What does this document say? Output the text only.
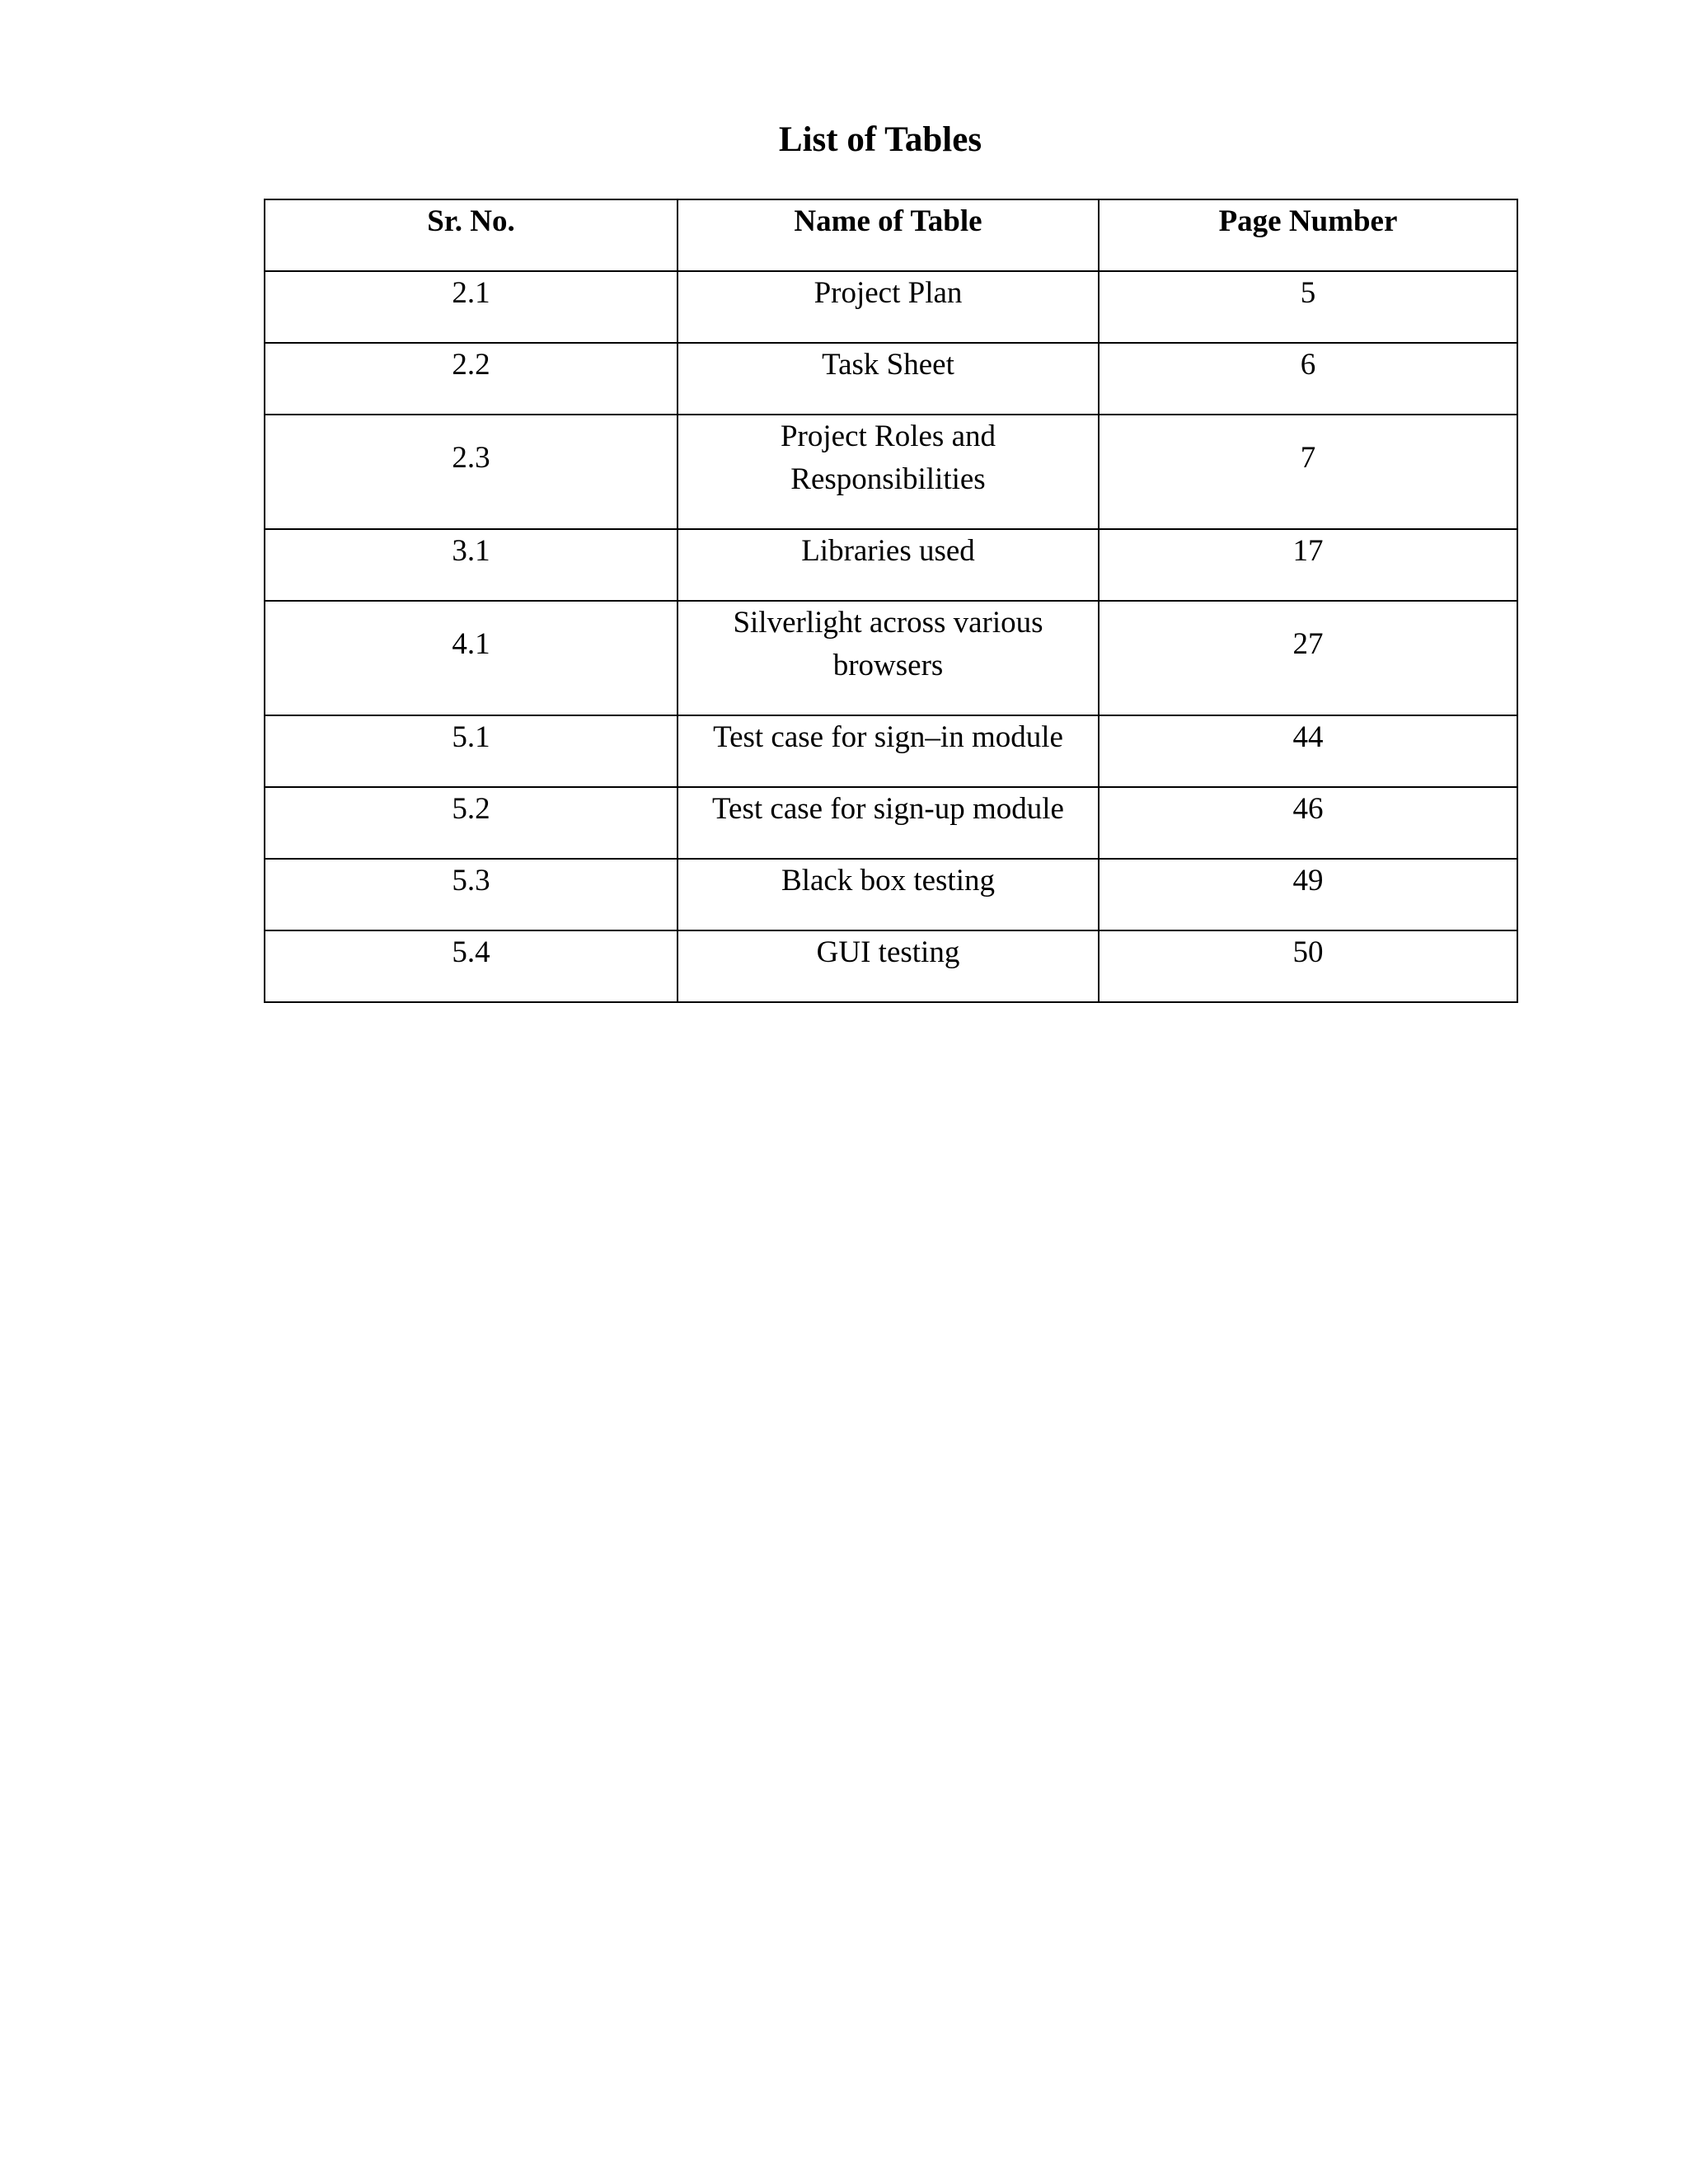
List of Tables
Sr. No.	Name of Table	Page Number
2.1	Project Plan	5
2.2	Task Sheet	6
2.3	Project Roles and Responsibilities	7
3.1	Libraries used	17
4.1	Silverlight across various browsers	27
5.1	Test case for sign–in module	44
5.2	Test case for sign-up module	46
5.3	Black box testing	49
5.4	GUI testing	50
